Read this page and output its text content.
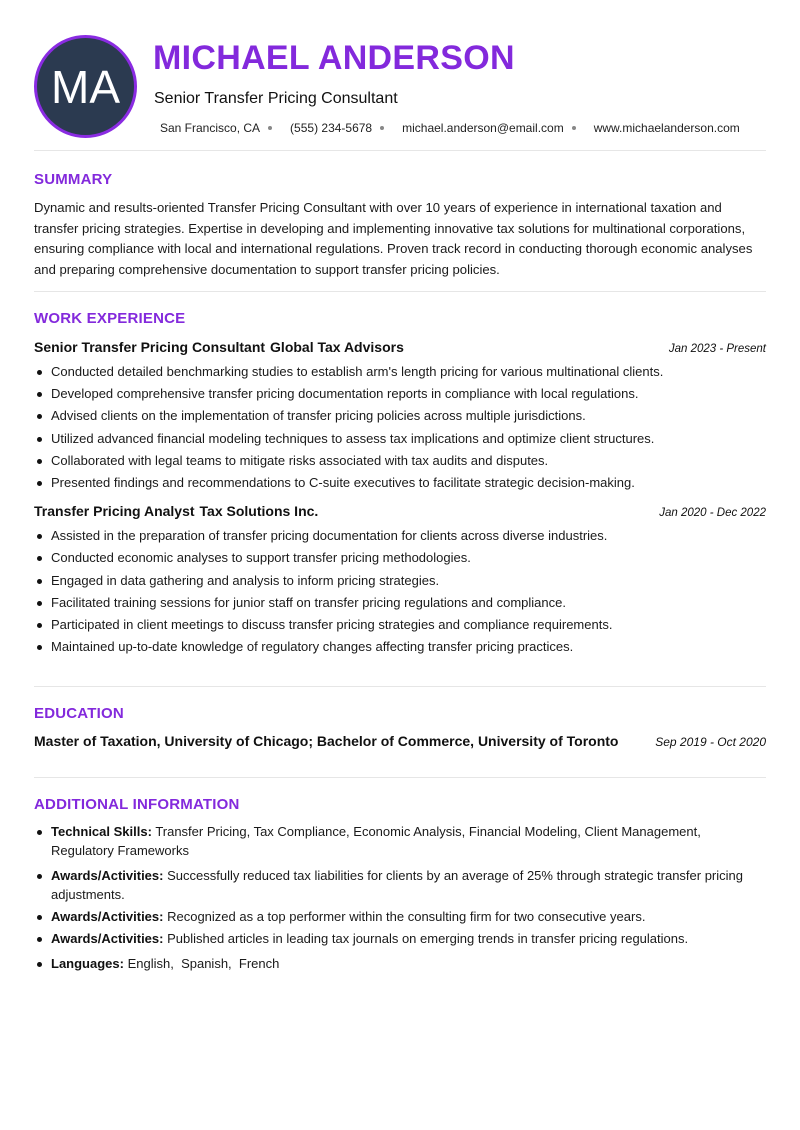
MA
MICHAEL ANDERSON
Senior Transfer Pricing Consultant
San Francisco, CA	(555) 234-5678	michael.anderson@email.com	www.michaelanderson.com
SUMMARY

Dynamic and results-oriented Transfer Pricing Consultant with over 10 years of experience in international taxation and transfer pricing strategies. Expertise in developing and implementing innovative tax solutions for multinational corporations, ensuring compliance with local and international regulations. Proven track record in conducting thorough economic analyses and preparing comprehensive documentation to support transfer pricing policies.

WORK EXPERIENCE
Senior Transfer Pricing Consultant Global Tax Advisors	Jan 2023 - Present
Conducted detailed benchmarking studies to establish arm's length pricing for various multinational clients.
Developed comprehensive transfer pricing documentation reports in compliance with local regulations.
Advised clients on the implementation of transfer pricing policies across multiple jurisdictions.
Utilized advanced financial modeling techniques to assess tax implications and optimize client structures.
Collaborated with legal teams to mitigate risks associated with tax audits and disputes.
Presented findings and recommendations to C-suite executives to facilitate strategic decision-making.
Transfer Pricing Analyst Tax Solutions Inc.	Jan 2020 - Dec 2022
Assisted in the preparation of transfer pricing documentation for clients across diverse industries.
Conducted economic analyses to support transfer pricing methodologies.
Engaged in data gathering and analysis to inform pricing strategies.
Facilitated training sessions for junior staff on transfer pricing regulations and compliance.
Participated in client meetings to discuss transfer pricing strategies and compliance requirements.
Maintained up-to-date knowledge of regulatory changes affecting transfer pricing practices.
EDUCATION
Master of Taxation, University of Chicago; Bachelor of Commerce, University of Toronto	Sep 2019 - Oct 2020
ADDITIONAL INFORMATION
Technical Skills: Transfer Pricing, Tax Compliance, Economic Analysis, Financial Modeling, Client Management, Regulatory Frameworks
Awards/Activities: Successfully reduced tax liabilities for clients by an average of 25% through strategic transfer pricing adjustments.
Awards/Activities: Recognized as a top performer within the consulting firm for two consecutive years.
Awards/Activities: Published articles in leading tax journals on emerging trends in transfer pricing regulations.
Languages: English,  Spanish,  French
